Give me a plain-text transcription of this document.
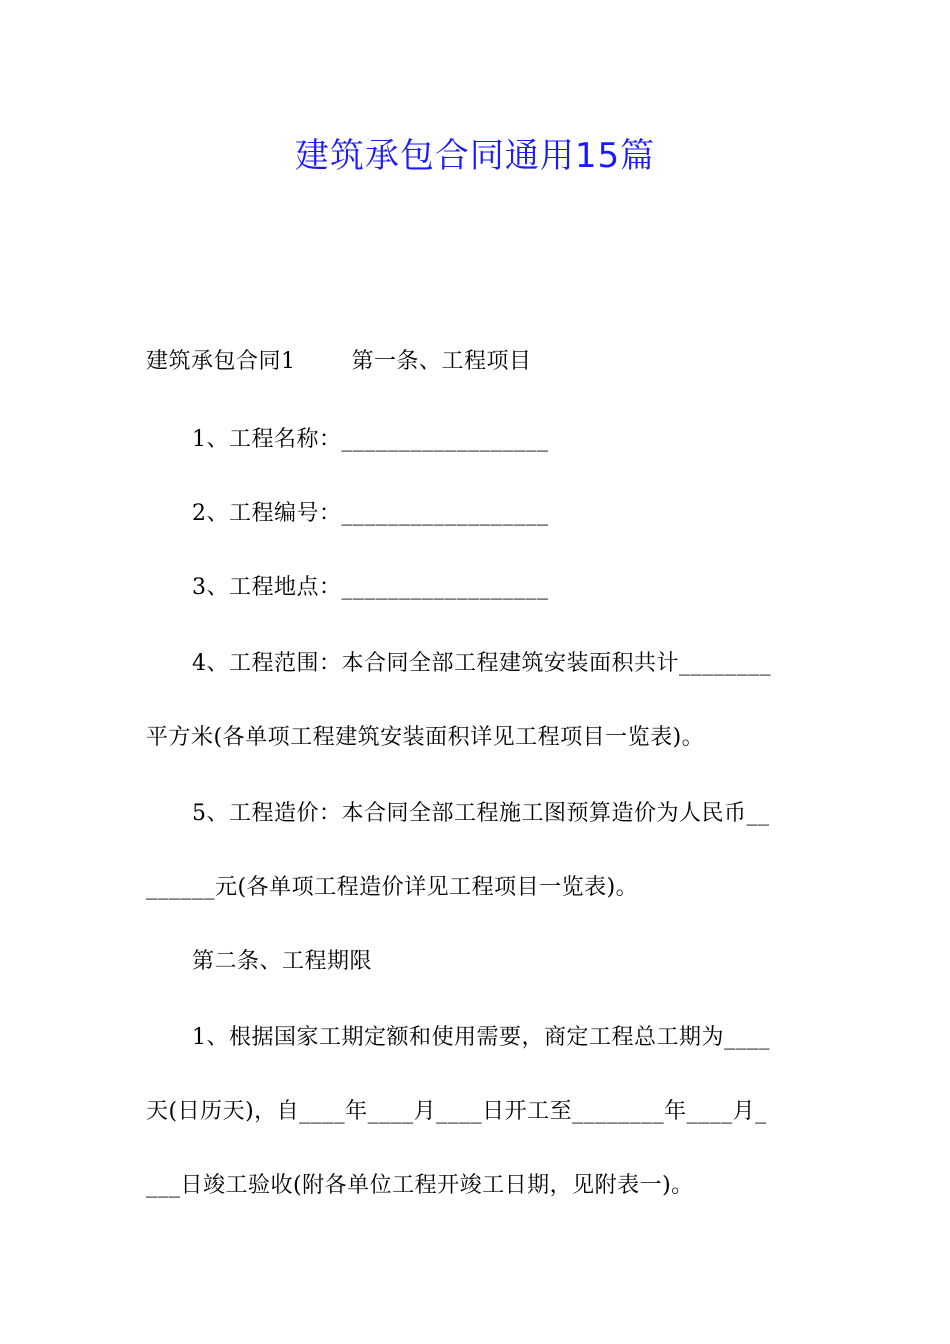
建筑承包合同通用15篇
建筑承包合同1	第一条、工程项目
1、工程名称：__________________
2、工程编号：__________________
3、工程地点：__________________
4、工程范围：本合同全部工程建筑安装面积共计________
平方米(各单项工程建筑安装面积详见工程项目一览表)。
5、工程造价：本合同全部工程施工图预算造价为人民币__
______元(各单项工程造价详见工程项目一览表)。
第二条、工程期限
1、根据国家工期定额和使用需要，商定工程总工期为____
天(日历天)，自____年____月____日开工至________年____月_
___日竣工验收(附各单位工程开竣工日期，见附表一)。
